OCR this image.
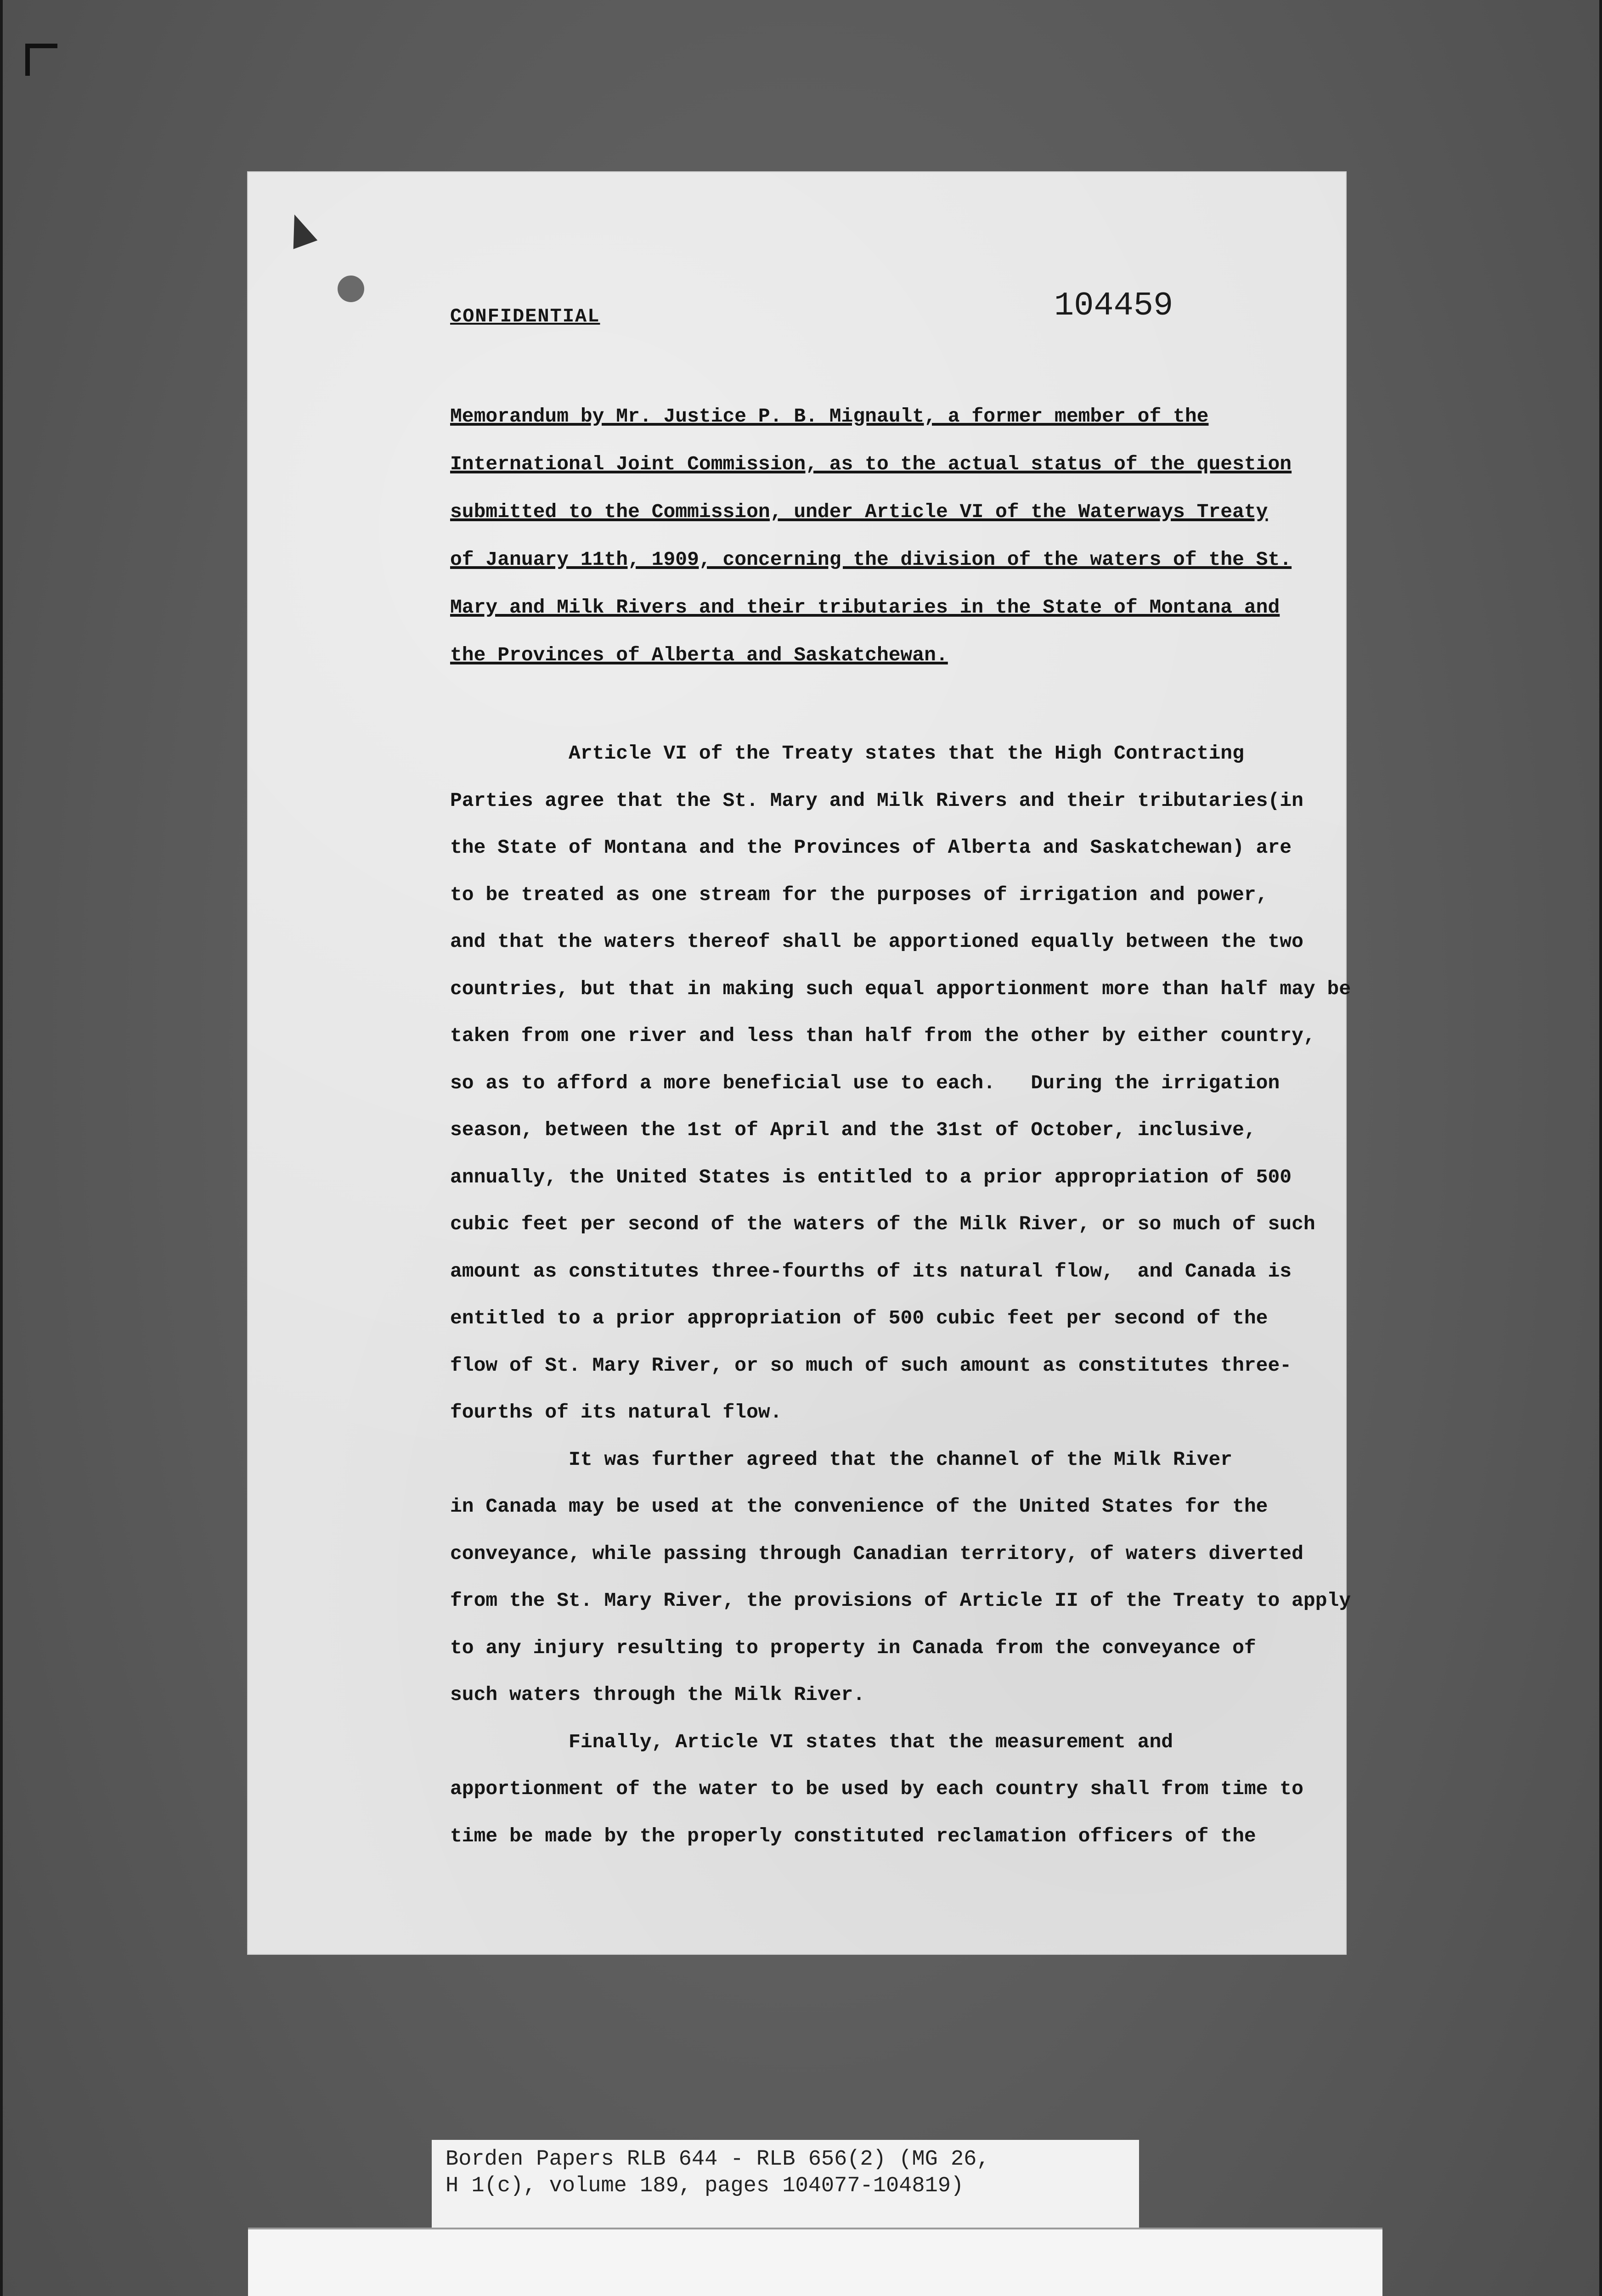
CONFIDENTIAL	104459

Memorandum by Mr. Justice P. B. Mignault, a former member of the

International Joint Commission, as to the actual status of the question

submitted to the Commission, under Article VI of the Waterways Treaty

of January 11th, 1909, concerning the division of the waters of the St.

Mary and Milk Rivers and their tributaries in the State of Montana and

the Provinces of Alberta and Saskatchewan.

Article VI of the Treaty states that the High Contracting

Parties agree that the St. Mary and Milk Rivers and their tributaries(in

the State of Montana and the Provinces of Alberta and Saskatchewan) are

to be treated as one stream for the purposes of irrigation and power,

and that the waters thereof shall be apportioned equally between the two

countries, but that in making such equal apportionment more than half may be

taken from one river and less than half from the other by either country,

so as to afford a more beneficial use to each.   During the irrigation

season, between the 1st of April and the 31st of October, inclusive,

annually, the United States is entitled to a prior appropriation of 500

cubic feet per second of the waters of the Milk River, or so much of such

amount as constitutes three-fourths of its natural flow,  and Canada is

entitled to a prior appropriation of 500 cubic feet per second of the

flow of St. Mary River, or so much of such amount as constitutes three-

fourths of its natural flow.

It was further agreed that the channel of the Milk River

in Canada may be used at the convenience of the United States for the

conveyance, while passing through Canadian territory, of waters diverted

from the St. Mary River, the provisions of Article II of the Treaty to apply

to any injury resulting to property in Canada from the conveyance of

such waters through the Milk River.

Finally, Article VI states that the measurement and

apportionment of the water to be used by each country shall from time to

time be made by the properly constituted reclamation officers of the

Borden Papers RLB 644 - RLB 656(2) (MG 26,

H 1(c), volume 189, pages 104077-104819)
